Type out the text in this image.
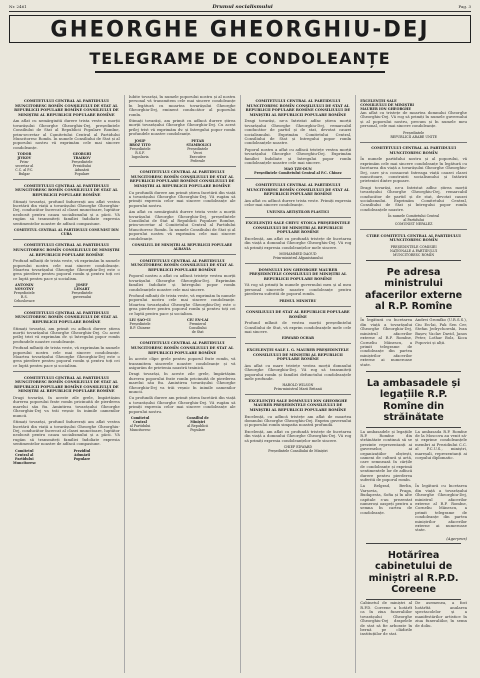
Nr. 2461	Drumul socialismului	Pag. 3
GHEORGHE GHEORGHIU-DEJ
TELEGRAME DE CONDOLEANȚE
COMITETULUI CENTRAL AL PARTIDULUI MUNCITORESC ROMÎN CONSILIULUI DE STAT AL REPUBLICII POPULARE ROMÎNE CONSILIULUI DE MINIȘTRI AL REPUBLICII POPULARE ROMÎNE

Am aflat cu nemărginită durere trista veste a morții tovarășului Gheorghe Gheorghiu-Dej, președintele Consiliului de Stat al Republicii Populare Romîne, prim-secretar al Comitetului Central al Partidului Muncitoresc Romîn. În numele Consiliului de Stat și al poporului nostru vă exprimăm cele mai sincere condoleanțe.

TODOR JIVKOV
Prim-secretar al C.C. al P.C. Bulgar
GEORGHI TRAIKOV
Președintele Prezidiului Adunării Populare
COMITETULUI CENTRAL AL PARTIDULUI MUNCITORESC ROMÎN CONSILIULUI DE STAT AL REPUBLICII POPULARE ROMÎNE

Stimați tovarăși, profund îndurerați am aflat vestea încetării din viață a tovarășului Gheorghe Gheorghiu-Dej, conducător încercat al clasei muncitoare, luptător neobosit pentru cauza socialismului și a păcii. Vă rugăm să transmiteți familiei îndoliate expresia sentimentelor noastre de adîncă compasiune.

COMITETUL CENTRAL AL PARTIDULUI COMUNIST DIN CUBA
COMITETULUI CENTRAL AL PARTIDULUI MUNCITORESC ROMÎN CONSILIULUI DE MINIȘTRI AL REPUBLICII POPULARE ROMÎNE

Profund mîhniți de trista veste, vă exprimăm în numele poporului nostru cele mai sincere condoleanțe. Moartea tovarășului Gheorghe Gheorghiu-Dej este o grea pierdere pentru poporul romîn și pentru toți cei ce luptă pentru pace și socialism.

ANTONIN NOVOTNY
Președintele R.S. Cehoslovace
JOSEF LENART
Președintele guvernului
COMITETULUI CENTRAL AL PARTIDULUI MUNCITORESC ROMÎN CONSILIULUI DE STAT AL REPUBLICII POPULARE ROMÎNE

Stimați tovarăși, am primit cu adîncă durere știrea morții tovarășului Gheorghe Gheorghiu-Dej. Cu acest prilej trist vă exprimăm dv. și întregului popor romîn profundele noastre condoleanțe.

Profund mîhniți de trista veste, vă exprimăm în numele poporului nostru cele mai sincere condoleanțe. Moartea tovarășului Gheorghe Gheorghiu-Dej este o grea pierdere pentru poporul romîn și pentru toți cei ce luptă pentru pace și socialism.

COMITETULUI CENTRAL AL PARTIDULUI MUNCITORESC ROMÎN CONSILIULUI DE STAT AL REPUBLICII POPULARE ROMÎNE CONSILIULUI DE MINIȘTRI AL REPUBLICII POPULARE ROMÎNE

Dragi tovarăși, în aceste zile grele, împărtășim durerea poporului frate romîn pricinuită de pierderea marelui său fiu. Amintirea tovarășului Gheorghe Gheorghiu-Dej va trăi veșnic în inimile oamenilor muncii.

Stimați tovarăși, profund îndurerați am aflat vestea încetării din viață a tovarășului Gheorghe Gheorghiu-Dej, conducător încercat al clasei muncitoare, luptător neobosit pentru cauza socialismului și a păcii. Vă rugăm să transmiteți familiei îndoliate expresia sentimentelor noastre de adîncă compasiune.

Comitetul Central al Partidului Muncitoresc
Prezidiul Adunării Populare

Iubite tovarăși, în numele poporului nostru și al nostru personal vă transmitem cele mai sincere condoleanțe în legătură cu moartea tovarășului Gheorghe Gheorghiu-Dej, eminent conducător al poporului romîn.

Stimați tovarăși, am primit cu adîncă durere știrea morții tovarășului Gheorghe Gheorghiu-Dej. Cu acest prilej trist vă exprimăm dv. și întregului popor romîn profundele noastre condoleanțe.

JOSIP BROZ TITO
Președintele R.S.F. Iugoslavia
PETAR STAMBOLICI
Președintele Vecei Executive Federale
COMITETULUI CENTRAL AL PARTIDULUI MUNCITORESC ROMÎN CONSILIULUI DE STAT AL REPUBLICII POPULARE ROMÎNE CONSILIULUI DE MINIȘTRI AL REPUBLICII POPULARE ROMÎNE

Cu profundă durere am primit știrea încetării din viață a tovarășului Gheorghe Gheorghiu-Dej. Vă rugăm să primiți expresia celor mai sincere condoleanțe ale poporului nostru.

Am aflat cu nemărginită durere trista veste a morții tovarășului Gheorghe Gheorghiu-Dej, președintele Consiliului de Stat al Republicii Populare Romîne, prim-secretar al Comitetului Central al Partidului Muncitoresc Romîn. În numele Consiliului de Stat și al poporului nostru vă exprimăm cele mai sincere condoleanțe.

CONSILIUL DE MINIȘTRI AL REPUBLICII POPULARE ALBANIA
COMITETULUI CENTRAL AL PARTIDULUI MUNCITORESC ROMÎN CONSILIULUI DE STAT AL REPUBLICII POPULARE ROMÎNE

Poporul nostru a aflat cu adîncă tristețe vestea morții tovarășului Gheorghe Gheorghiu-Dej. Exprimăm familiei îndoliate și întregului popor romîn condoleanțele noastre cele mai sincere.

Profund mîhniți de trista veste, vă exprimăm în numele poporului nostru cele mai sincere condoleanțe. Moartea tovarășului Gheorghe Gheorghiu-Dej este o grea pierdere pentru poporul romîn și pentru toți cei ce luptă pentru pace și socialism.

LIU ȘAO-CI
Președintele R.P. Chineze
CIU EN-LAI
Premierul Consiliului de Stat
COMITETULUI CENTRAL AL PARTIDULUI MUNCITORESC ROMÎN CONSILIULUI DE STAT AL REPUBLICII POPULARE ROMÎNE

În aceste clipe grele pentru poporul frate romîn, vă transmitem sincerele noastre condoleanțe și vă asigurăm de prietenia noastră trainică.

Dragi tovarăși, în aceste zile grele, împărtășim durerea poporului frate romîn pricinuită de pierderea marelui său fiu. Amintirea tovarășului Gheorghe Gheorghiu-Dej va trăi veșnic în inimile oamenilor muncii.

Cu profundă durere am primit știrea încetării din viață a tovarășului Gheorghe Gheorghiu-Dej. Vă rugăm să primiți expresia celor mai sincere condoleanțe ale poporului nostru.

Comitetul Central
al Partidului Muncitoresc
Consiliul de Miniștri
al Republicii Populare
COMITETULUI CENTRAL AL PARTIDULUI MUNCITORESC ROMÎN CONSILIULUI DE STAT AL REPUBLICII POPULARE ROMÎNE CONSILIULUI DE MINIȘTRI AL REPUBLICII POPULARE ROMÎNE

Dragi tovarăși, ne-a întristat adînc știrea morții tovarășului Gheorghe Gheorghiu-Dej, remarcabil conducător de partid și de stat, devotat cauzei socialismului. Exprimăm Comitetului Central, Consiliului de Stat și întregului popor romîn condoleanțele noastre.

Poporul nostru a aflat cu adîncă tristețe vestea morții tovarășului Gheorghe Gheorghiu-Dej. Exprimăm familiei îndoliate și întregului popor romîn condoleanțele noastre cele mai sincere.

MAO ȚZE-DUN
Președintele Comitetului Central al P.C. Chinez
COMITETULUI CENTRAL AL PARTIDULUI MUNCITORESC ROMÎN CONSILIULUI DE STAT AL REPUBLICII POPULARE ROMÎNE

Am aflat cu adîncă durere trista veste. Primiți expresia celor mai sincere condoleanțe.

UNIUNEA ARTIȘTILOR PLASTICI
EXCELENȚEI SALE CHIVU STOICA PREȘEDINTELE CONSILIULUI DE MINIȘTRI AL REPUBLICII POPULARE ROMÎNE

Excelență, am aflat cu profundă tristețe de încetarea din viață a domnului Gheorghe Gheorghiu-Dej. Vă rog să primiți expresia condoleanțelor mele sincere.

MOHAMMED DAOUD
Prim-ministrul Afganistanului
DOMNULUI ION GHEORGHE MAURER PREȘEDINTELE CONSILIULUI DE MINIȘTRI AL REPUBLICII POPULARE ROMÎNE

Vă rog să primiți în numele guvernului meu și al meu personal sincerele noastre condoleanțe pentru pierderea suferită de poporul romîn.

PRIMUL MINISTRU
CONSILIULUI DE STAT AL REPUBLICII POPULARE ROMÎNE

Profund mîhnit de vestea morții președintelui Consiliului de Stat, vă exprim condoleanțele mele cele mai sincere.

EDWARD OCHAB
EXCELENȚEI SALE I. G. MAURER PREȘEDINTELE CONSILIULUI DE MINIȘTRI AL REPUBLICII POPULARE ROMÎNE

Am aflat cu mare tristețe vestea morții domnului Gheorghe Gheorghiu-Dej. Vă rog să transmiteți poporului romîn și familiei defunctului condoleanțele mele profunde.

HAROLD WILSON
Prim-ministrul Marii Britanii
EXCELENȚEI SALE DOMNULUI ION GHEORGHE MAURER PREȘEDINTELE CONSILIULUI DE MINIȘTRI AL REPUBLICII POPULARE ROMÎNE

Excelență, cu adîncă tristețe am aflat de moartea domnului Gheorghe Gheorghiu-Dej. Exprim guvernului și poporului romîn simpatia noastră profundă.

Excelență, am aflat cu profundă tristețe de încetarea din viață a domnului Gheorghe Gheorghiu-Dej. Vă rog să primiți expresia condoleanțelor mele sincere.

CHIEF EDWARD
Președintele Consiliului de Miniștri
EXCELENȚEI SALE
CONSILIULUI DE MINIȘTRI
MAURER ION GHEORGHE

Am aflat cu tristețe de moartea domnului Gheorghe Gheorghiu-Dej. Vă rog să primiți în numele guvernului și al poporului nostru, precum și în numele meu personal, cele mai sincere condoleanțe.

Președintele
REPUBLICII ARABE UNITE
COMITETULUI CENTRAL AL PARTIDULUI MUNCITORESC ROMÎN

În numele partidului nostru și al poporului, vă exprimăm cele mai sincere condoleanțe în legătură cu încetarea din viață a tovarășului Gheorghe Gheorghiu-Dej, care și-a consacrat întreaga viață cauzei clasei muncitoare, construirii socialismului și întăririi prieteniei dintre popoare.

Dragi tovarăși, ne-a întristat adînc știrea morții tovarășului Gheorghe Gheorghiu-Dej, remarcabil conducător de partid și de stat, devotat cauzei socialismului. Exprimăm Comitetului Central, Consiliului de Stat și întregului popor romîn condoleanțele noastre.

În numele Comitetului Central
al Partidului
COMUNIST NEPALEZ
CTIRE COMITETUL CENTRAL AL PARTIDULUI MUNCITORESC ROMÎN
PREȘEDINTELE COMISIEI
NAȚIONALE A PARTIDULUI
MUNCITORESC ROMÎN
Pe adresa ministrului afacerilor externe al R.P. Romîne

În legătură cu încetarea din viață a tovarășului Gheorghe Gheorghiu-Dej, ministrul afacerilor externe al R.P. Romîne, Corneliu Mănescu, a primit telegrame de condoleanțe din partea miniștrilor afacerilor externe ai numeroase state.

Andrei Gromîko (U.R.S.S.), Ciu En-lai, Pak Sen Cer, Stefan Jedrychowski, Ivan Bașev, Vaclav David, Janos Peter, Lothar Bolz, Koca Popovici și alții.

La ambasadele și legațiile R.P. Romîne din străinătate

La ambasadele și legațiile R.P. Romîne din străinătate continuă să se prezinte reprezentanți ai guvernelor, ai organizațiilor obștești, oameni de cultură și artă, care semnează în cărțile de condoleanțe și exprimă sentimentele lor de adîncă durere pentru pierderea suferită de poporul romîn.

La ambasada R.P. Romîne de la Moscova au venit să-și exprime condoleanțele membri ai Prezidiului C.C. al P.C.U.S., miniștri, mareșali, reprezentanți ai corpului diplomatic.

La Belgrad, Berlin, Varșovia, Praga, Budapesta, Sofia și în alte capitale s-au prezentat numeroși oaspeți pentru a semna în cartea de condoleanțe.

În legătură cu încetarea din viață a tovarășului Gheorghe Gheorghiu-Dej, ministrul afacerilor externe al R.P. Romîne, Corneliu Mănescu, a primit telegrame de condoleanțe din partea miniștrilor afacerilor externe ai numeroase state.

(Agerpres)
Hotărîrea cabinetului de miniștri al R.P.D. Coreene

Cabinetul de miniștri al R.P.D. Coreene a hotărît ca în ziua funeraliilor tovarășului Gheorghe Gheorghiu-Dej drapelele de stat să fie arborate în bernă pe clădirile instituțiilor de stat.

De asemenea, a fost hotărîtă anularea spectacolelor și a manifestărilor artistice în ziua funeraliilor, în semn de doliu.
